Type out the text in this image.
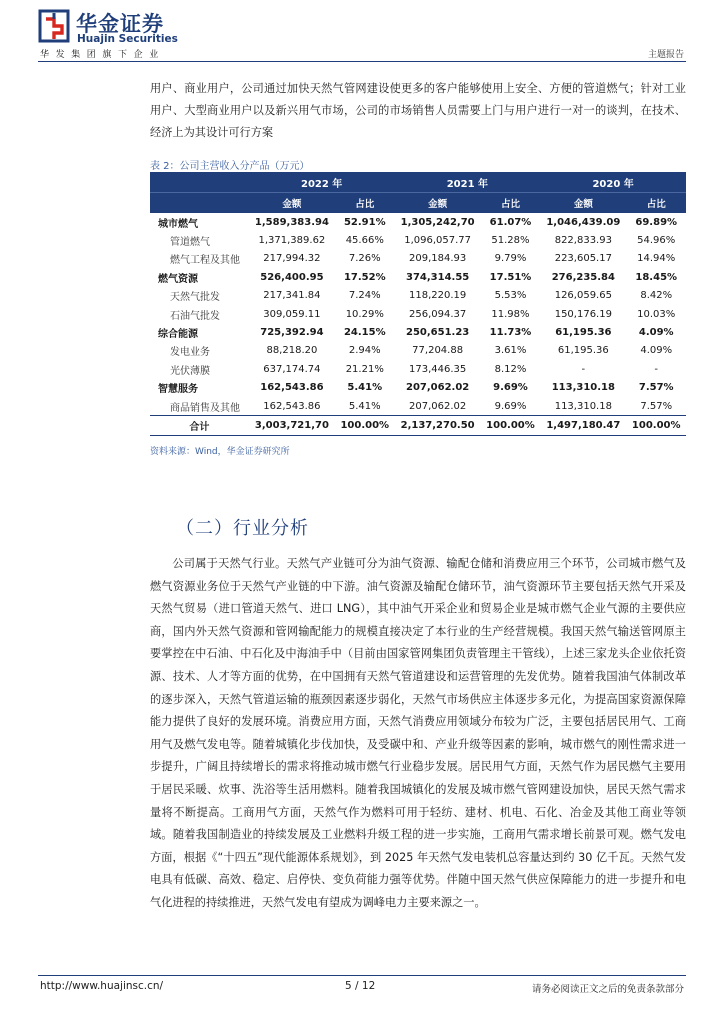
华金证券
Huajin Securities
华发集团旗下企业	主题报告

用户、商业用户，公司通过加快天然气管网建设使更多的客户能够使用上安全、方便的管道燃气；针对工业用户、大型商业用户以及新兴用气市场，公司的市场销售人员需要上门与用户进行一对一的谈判，在技术、经济上为其设计可行方案

表 2：公司主营收入分产品（万元）
	2022 年		2021 年		2020 年	
	金额	占比	金额	占比	金额	占比
城市燃气	1,589,383.94	52.91%	1,305,242,70	61.07%	1,046,439.09	69.89%
管道燃气	1,371,389.62	45.66%	1,096,057.77	51.28%	822,833.93	54.96%
燃气工程及其他	217,994.32	7.26%	209,184.93	9.79%	223,605.17	14.94%
燃气资源	526,400.95	17.52%	374,314.55	17.51%	276,235.84	18.45%
天然气批发	217,341.84	7.24%	118,220.19	5.53%	126,059.65	8.42%
石油气批发	309,059.11	10.29%	256,094.37	11.98%	150,176.19	10.03%
综合能源	725,392.94	24.15%	250,651.23	11.73%	61,195.36	4.09%
发电业务	88,218.20	2.94%	77,204.88	3.61%	61,195.36	4.09%
光伏薄膜	637,174.74	21.21%	173,446.35	8.12%	-	-
智慧服务	162,543.86	5.41%	207,062.02	9.69%	113,310.18	7.57%
商品销售及其他	162,543.86	5.41%	207,062.02	9.69%	113,310.18	7.57%
合计	3,003,721,70	100.00%	2,137,270.50	100.00%	1,497,180.47	100.00%
资料来源：Wind，华金证券研究所
（二）行业分析

公司属于天然气行业。天然气产业链可分为油气资源、输配仓储和消费应用三个环节，公司城市燃气及燃气资源业务位于天然气产业链的中下游。油气资源及输配仓储环节，油气资源环节主要包括天然气开采及天然气贸易（进口管道天然气、进口 LNG），其中油气开采企业和贸易企业是城市燃气企业气源的主要供应商，国内外天然气资源和管网输配能力的规模直接决定了本行业的生产经营规模。我国天然气输送管网原主要掌控在中石油、中石化及中海油手中（目前由国家管网集团负责管理主干管线），上述三家龙头企业依托资源、技术、人才等方面的优势，在中国拥有天然气管道建设和运营管理的先发优势。随着我国油气体制改革的逐步深入，天然气管道运输的瓶颈因素逐步弱化，天然气市场供应主体逐步多元化，为提高国家资源保障能力提供了良好的发展环境。消费应用方面，天然气消费应用领域分布较为广泛，主要包括居民用气、工商用气及燃气发电等。随着城镇化步伐加快，及受碳中和、产业升级等因素的影响，城市燃气的刚性需求进一步提升，广阔且持续增长的需求将推动城市燃气行业稳步发展。居民用气方面，天然气作为居民燃气主要用于居民采暖、炊事、洗浴等生活用燃料。随着我国城镇化的发展及城市燃气管网建设加快，居民天然气需求量将不断提高。工商用气方面，天然气作为燃料可用于轻纺、建材、机电、石化、冶金及其他工商业等领域。随着我国制造业的持续发展及工业燃料升级工程的进一步实施，工商用气需求增长前景可观。燃气发电方面，根据《“十四五”现代能源体系规划》，到 2025 年天然气发电装机总容量达到约 30 亿千瓦。天然气发电具有低碳、高效、稳定、启停快、变负荷能力强等优势。伴随中国天然气供应保障能力的进一步提升和电气化进程的持续推进，天然气发电有望成为调峰电力主要来源之一。

http://www.huajinsc.cn/	5 / 12	请务必阅读正文之后的免责条款部分
